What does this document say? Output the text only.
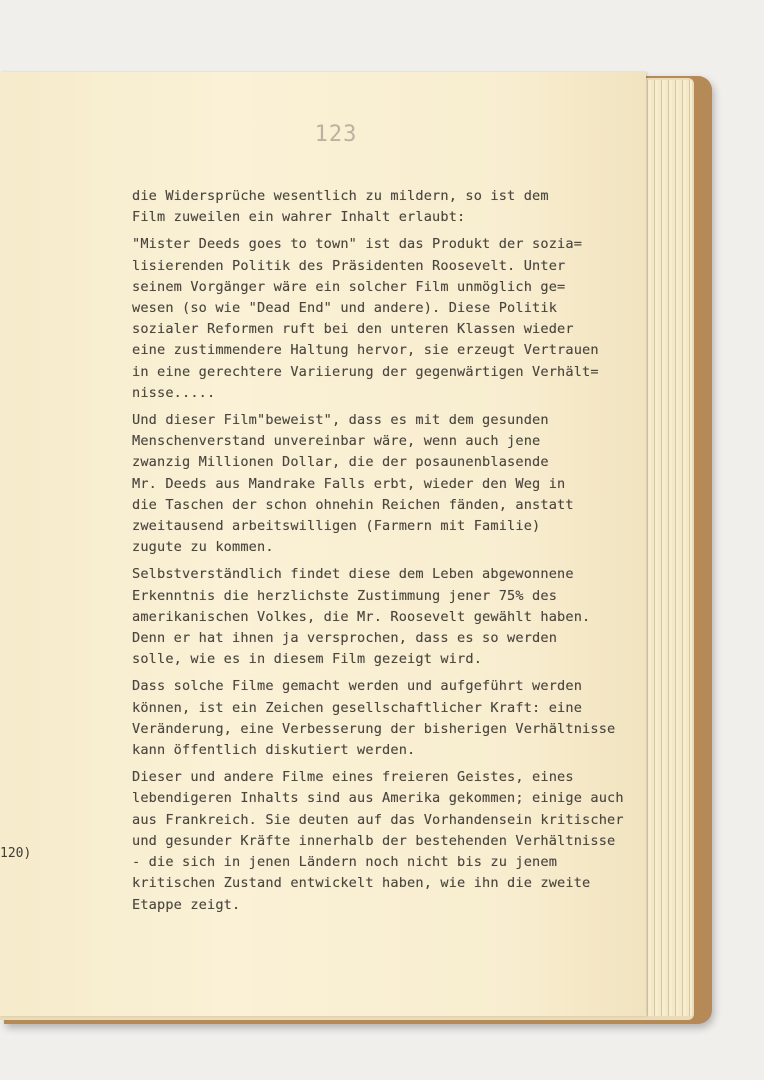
123

die Widersprüche wesentlich zu mildern, so ist dem
Film zuweilen ein wahrer Inhalt erlaubt:

"Mister Deeds goes to town" ist das Produkt der sozia=
lisierenden Politik des Präsidenten Roosevelt. Unter
seinem Vorgänger wäre ein solcher Film unmöglich ge=
wesen (so wie "Dead End" und andere). Diese Politik
sozialer Reformen ruft bei den unteren Klassen wieder
eine zustimmendere Haltung hervor, sie erzeugt Vertrauen
in eine gerechtere Variierung der gegenwärtigen Verhält=
nisse.....

Und dieser Film"beweist", dass es mit dem gesunden
Menschenverstand unvereinbar wäre, wenn auch jene
zwanzig Millionen Dollar, die der posaunenblasende
Mr. Deeds aus Mandrake Falls erbt, wieder den Weg in
die Taschen der schon ohnehin Reichen fänden, anstatt
zweitausend arbeitswilligen (Farmern mit Familie)
zugute zu kommen.

Selbstverständlich findet diese dem Leben abgewonnene
Erkenntnis die herzlichste Zustimmung jener 75% des
amerikanischen Volkes, die Mr. Roosevelt gewählt haben.
Denn er hat ihnen ja versprochen, dass es so werden
solle, wie es in diesem Film gezeigt wird.

Dass solche Filme gemacht werden und aufgeführt werden
können, ist ein Zeichen gesellschaftlicher Kraft: eine
Veränderung, eine Verbesserung der bisherigen Verhältnisse
kann öffentlich diskutiert werden.

Dieser und andere Filme eines freieren Geistes, eines
lebendigeren Inhalts sind aus Amerika gekommen; einige auch
aus Frankreich. Sie deuten auf das Vorhandensein kritischer
und gesunder Kräfte innerhalb der bestehenden Verhältnisse
- die sich in jenen Ländern noch nicht bis zu jenem
kritischen Zustand entwickelt haben, wie ihn die zweite
Etappe zeigt.

120)
